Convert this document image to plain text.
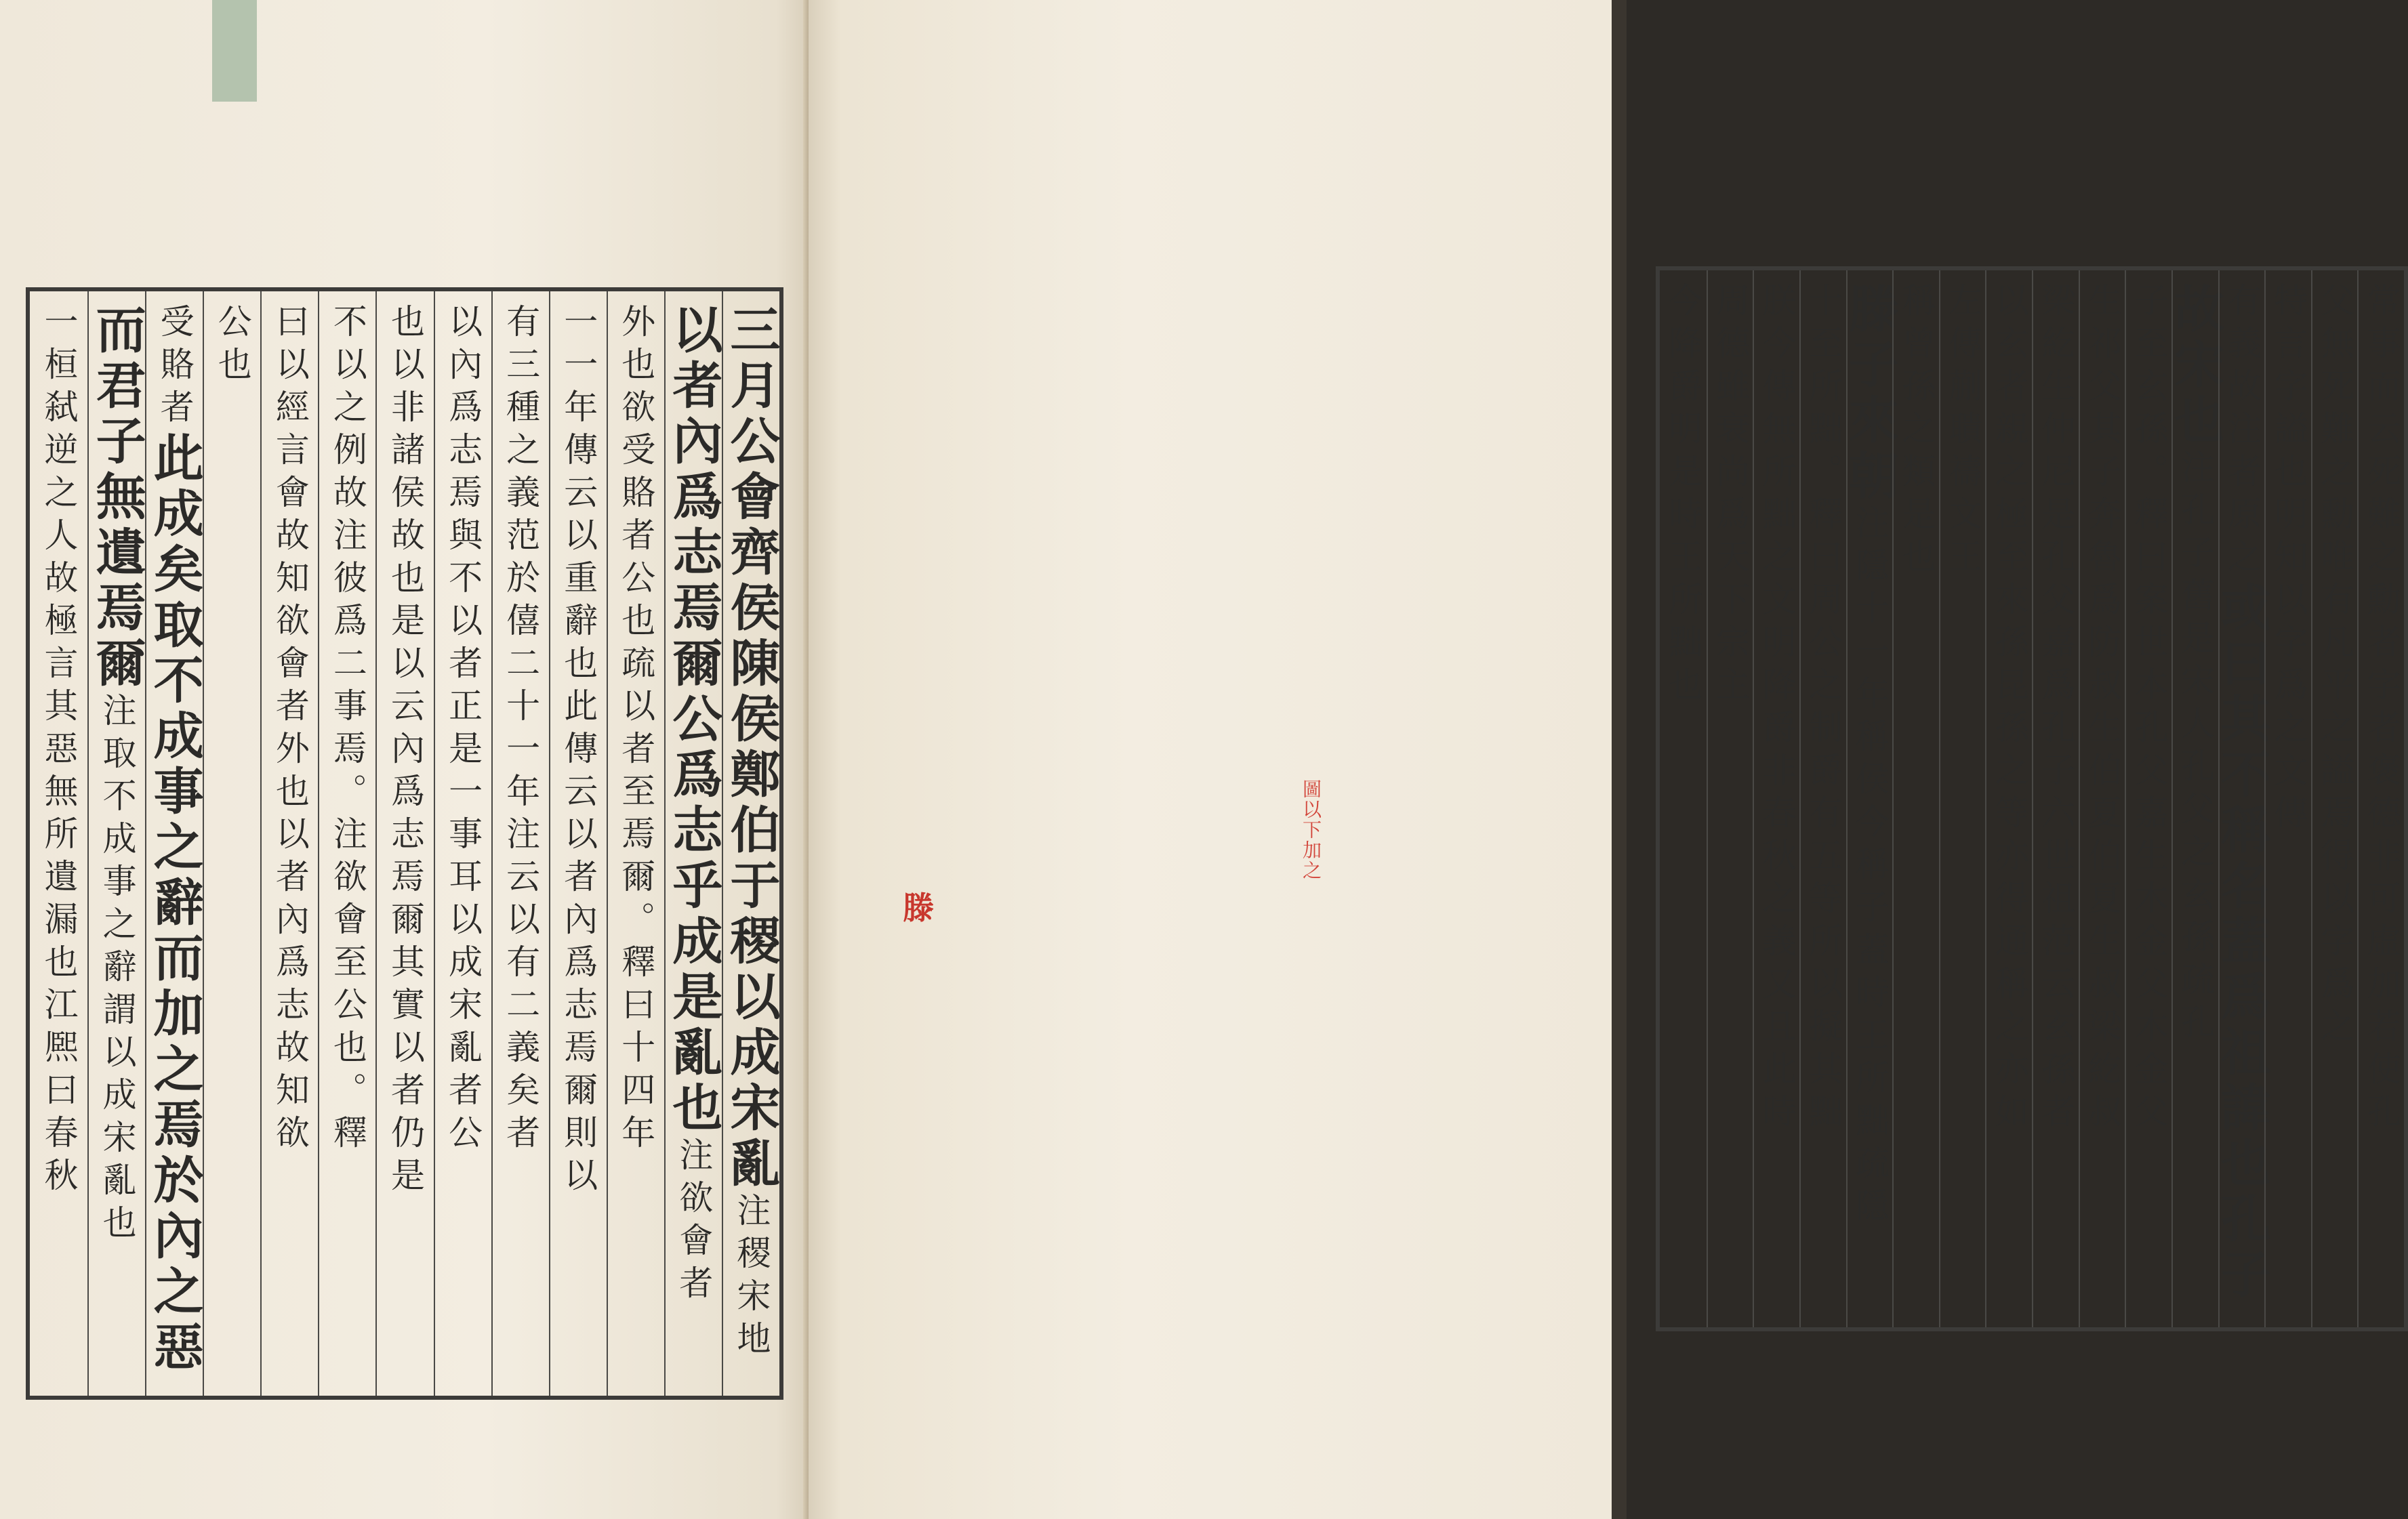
一桓弑逆之人故極言其惡無所遺漏也江熈曰春秋 而君子無遺焉爾注取不成事之辭謂以成宋亂也
受賂者此成矣取不成事之辭而加之焉於內之惡
公也 曰以經言會故知欲會者外也以者內爲志故知欲 不以之例故注彼爲二事焉。注欲會至公也。釋 也以非諸侯故也是以云內爲志焉爾其實以者仍是 以內爲志焉與不以者正是一事耳以成宋亂者公 有三種之義范於僖二十一年注云以有二義矣者 一一年傳云以重辭也此傳云以者內爲志焉爾則以 外也欲受賂者公也疏以者至焉爾。釋曰十四年 以者內爲志焉爾公爲志乎成是亂也注欲會者
三月公會齊侯陳侯鄭伯于稷以成宋亂注稷宋地
今降爵明是時王所黜也 周德雖衰尚爲天下宗主 朕今傳無所黜之文明降爵非春秋之義又且此時 十至所黜。釋曰周公之制爵有五等所以擬其黜
滕子來朝注隱十一年稱侯今稱子蓋時王所黜疏隱
稱曾孫之類是也 左傳蒯聵禱文王 以玄者親之極至來孫昆孫之等亦得通稱之亦如 梁紇生仲尼是孔父嘉爲孔子六世祖范云玄孫者 生祁父其子奔魯爲防叔生伯夏伯夏生叔梁紇叔 子至玄孫。釋曰案世本孔父嘉生木金父木金父
故宋也注孔子舊是宋人孔父之玄孫疏孔
有義故注者原之或曰其不稱名蓋爲祖諱也孔子
特言字謚也明知以字爲之文傳 父無死難之勳唯有凡平之謚焉得以字爲之 常事而云死難之勳者字者褒德非可虛加若使孔
滕
圖以下加之
